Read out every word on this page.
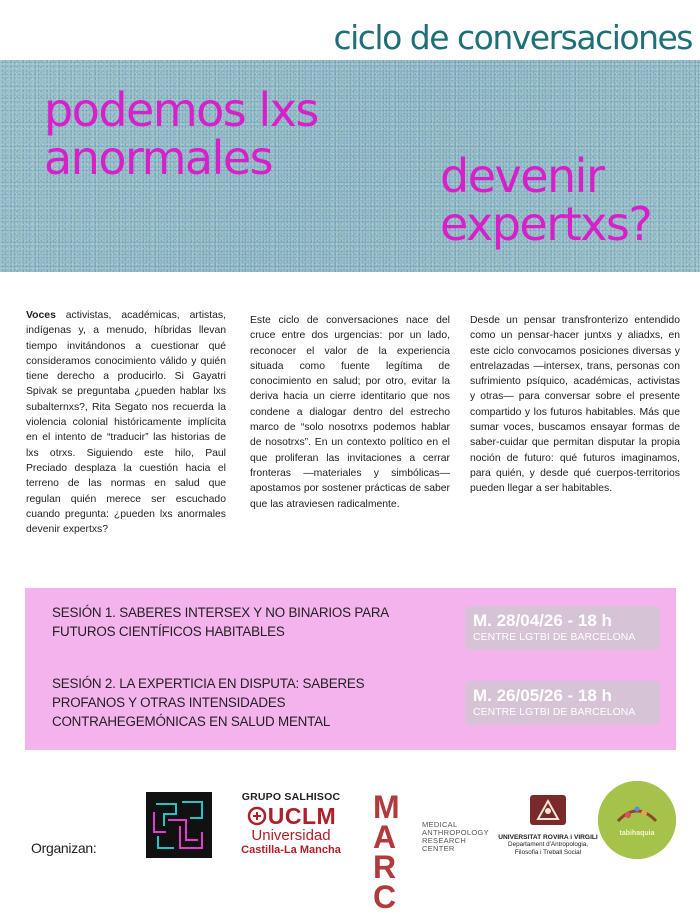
ciclo de conversaciones
podemos lxs anormales	devenir expertxs?
Voces activistas, académicas, artistas, indígenas y, a menudo, híbridas llevan tiempo invitándonos a cuestionar qué consideramos conocimiento válido y quién tiene derecho a producirlo. Si Gayatri Spivak se preguntaba ¿pueden hablar lxs subalternxs?, Rita Segato nos recuerda la violencia colonial históricamente implícita en el intento de “traducir” las historias de lxs otrxs. Siguiendo este hilo, Paul Preciado desplaza la cuestión hacia el terreno de las normas en salud que regulan quién merece ser escuchado cuando pregunta: ¿pueden lxs anormales devenir expertxs?
Este ciclo de conversaciones nace del cruce entre dos urgencias: por un lado, reconocer el valor de la experiencia situada como fuente legítima de conocimiento en salud; por otro, evitar la deriva hacia un cierre identitario que nos condene a dialogar dentro del estrecho marco de “solo nosotrxs podemos hablar de nosotrxs”. En un contexto político en el que proliferan las invitaciones a cerrar fronteras —materiales y simbólicas— apostamos por sostener prácticas de saber que las atraviesen radicalmente.
Desde un pensar transfronterizo entendido como un pensar-hacer juntxs y aliadxs, en este ciclo convocamos posiciones diversas y entrelazadas —intersex, trans, personas con sufrimiento psíquico, académicas, activistas y otras— para conversar sobre el presente compartido y los futuros habitables. Más que sumar voces, buscamos ensayar formas de saber-cuidar que permitan disputar la propia noción de futuro: qué futuros imaginamos, para quién, y desde qué cuerpos-territorios pueden llegar a ser habitables.
SESIÓN 1. SABERES INTERSEX Y NO BINARIOS PARA FUTUROS CIENTÍFICOS HABITABLES
M. 28/04/26 - 18 h
CENTRE LGTBI DE BARCELONA
SESIÓN 2. LA EXPERTICIA EN DISPUTA: SABERES PROFANOS Y OTRAS INTENSIDADES CONTRAHEGEMÓNICAS EN SALUD MENTAL
M. 26/05/26 - 18 h
CENTRE LGTBI DE BARCELONA
Organizan:
GRUPO SALHISOC
UCLM
Universidad
Castilla-La Mancha
MARC
MEDICAL ANTHROPOLOGY RESEARCH CENTER
UNIVERSITAT ROVIRA i VIRGILI
Departament d'Antropologia, Filosofia i Treball Social
tabihaquia
